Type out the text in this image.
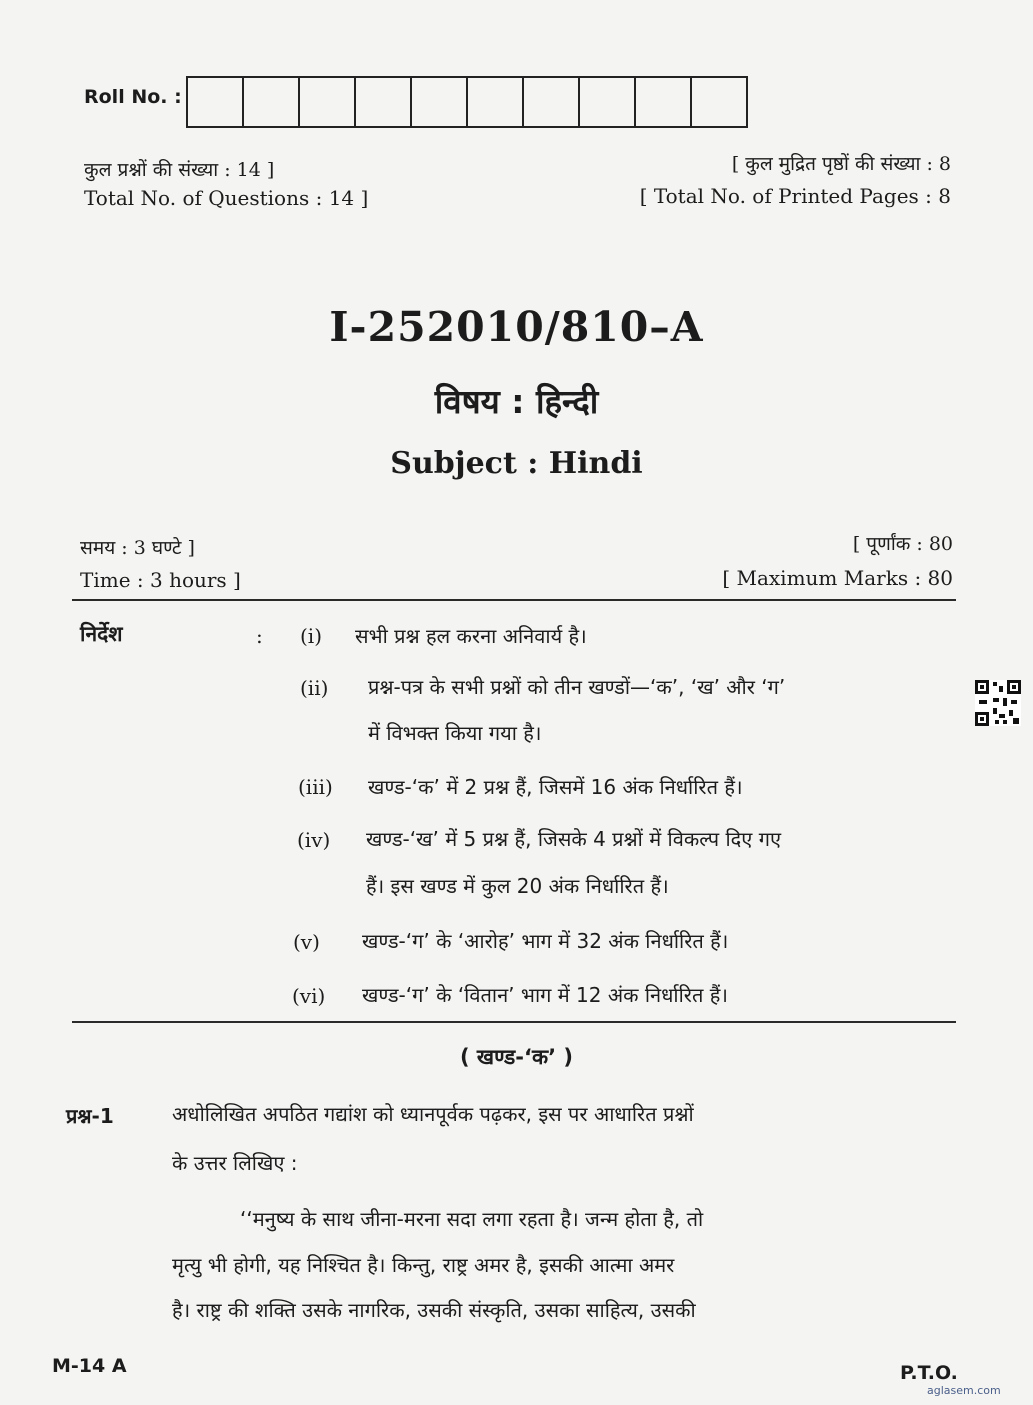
Roll No. :
कुल प्रश्नों की संख्या : 14 ]
Total No. of Questions : 14 ]
[ कुल मुद्रित पृष्ठों की संख्या : 8
[ Total No. of Printed Pages : 8
I-252010/810–A
विषय : हिन्दी
Subject : Hindi
समय : 3 घण्टे ]
Time : 3 hours ]
[ पूर्णांक : 80
[ Maximum Marks : 80
निर्देश	: (i) सभी प्रश्न हल करना अनिवार्य है।
(ii) प्रश्न-पत्र के सभी प्रश्नों को तीन खण्डों—‘क’, ‘ख’ और ‘ग’
में विभक्त किया गया है।
(iii) खण्ड-‘क’ में 2 प्रश्न हैं, जिसमें 16 अंक निर्धारित हैं।
(iv) खण्ड-‘ख’ में 5 प्रश्न हैं, जिसके 4 प्रश्नों में विकल्प दिए गए
हैं। इस खण्ड में कुल 20 अंक निर्धारित हैं।
(v) खण्ड-‘ग’ के ‘आरोह’ भाग में 32 अंक निर्धारित हैं।
(vi) खण्ड-‘ग’ के ‘वितान’ भाग में 12 अंक निर्धारित हैं।
( खण्ड-‘क’ )
प्रश्न-1	अधोलिखित अपठित गद्यांश को ध्यानपूर्वक पढ़कर, इस पर आधारित प्रश्नों
के उत्तर लिखिए :
‘‘मनुष्य के साथ जीना-मरना सदा लगा रहता है। जन्म होता है, तो
मृत्यु भी होगी, यह निश्चित है। किन्तु, राष्ट्र अमर है, इसकी आत्मा अमर
है। राष्ट्र की शक्ति उसके नागरिक, उसकी संस्कृति, उसका साहित्य, उसकी
M-14 A	P.T.O.
aglasem.com
